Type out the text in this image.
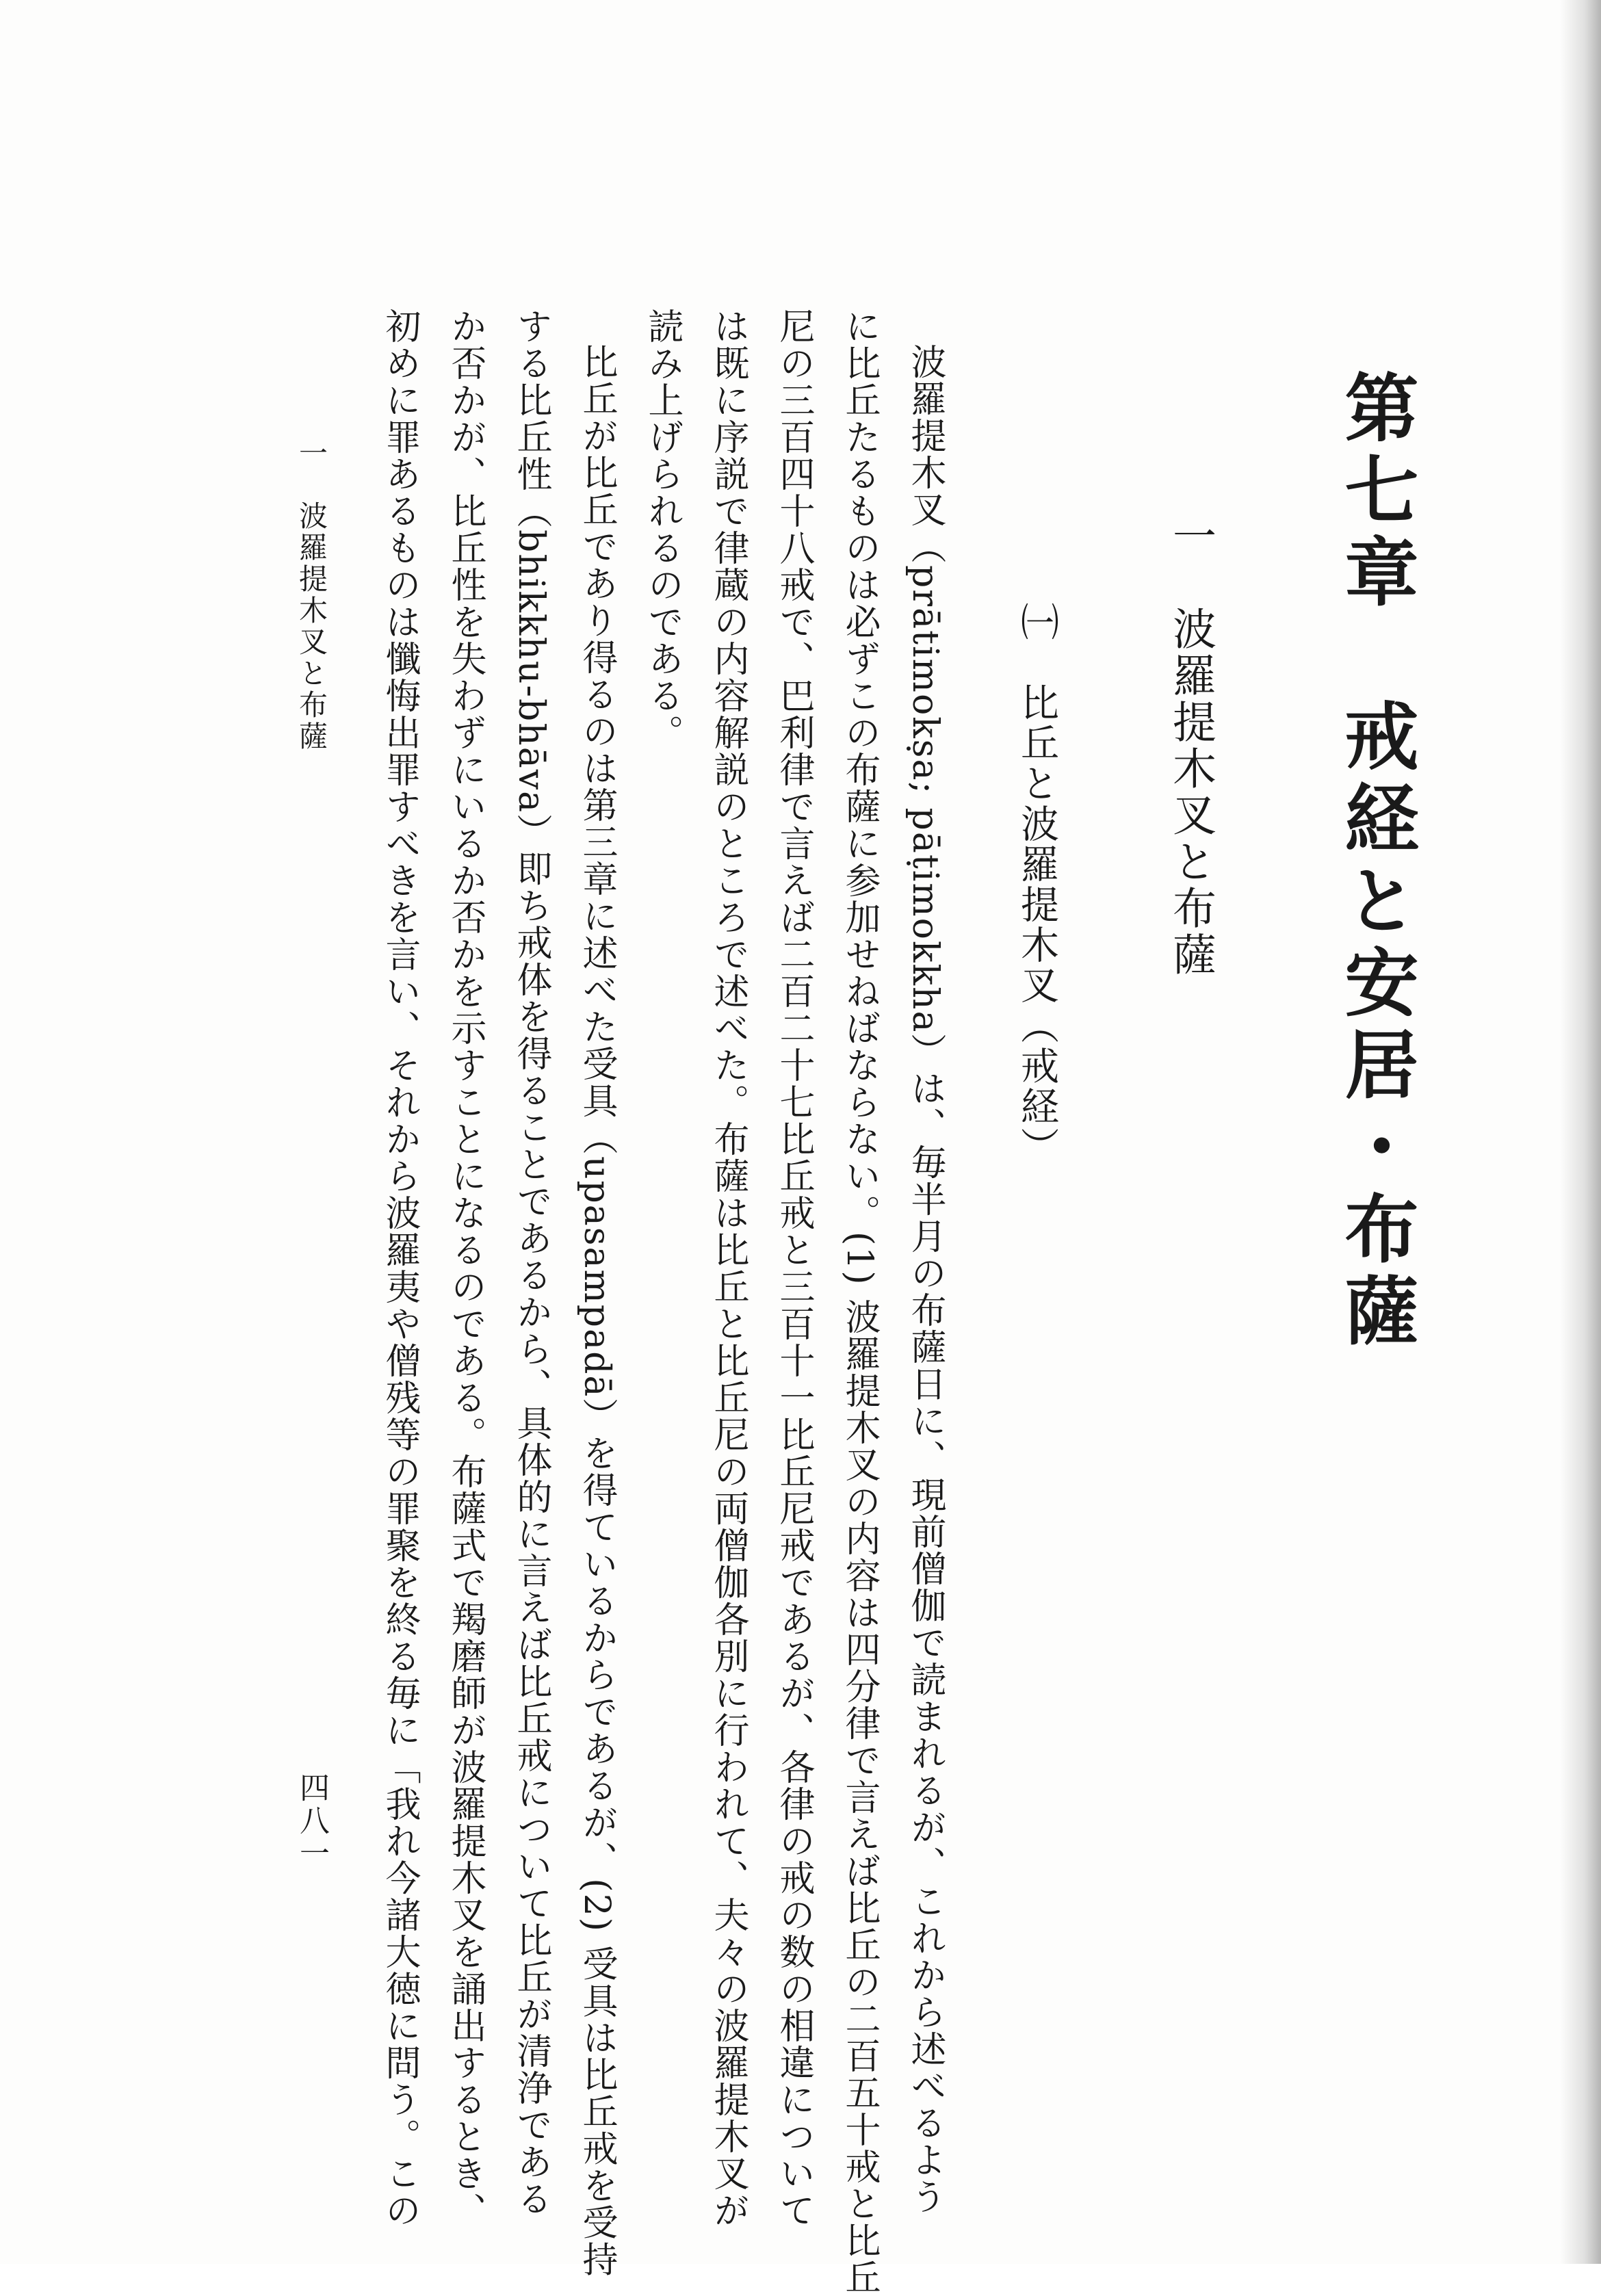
第七章　戒経と安居・布薩
一　波羅提木叉と布薩
㈠　比丘と波羅提木叉（戒経）

波羅提木叉（prātimokṣa; pāṭimokkha）は、毎半月の布薩日に、現前僧伽で読まれるが、これから述べるよう

に比丘たるものは必ずこの布薩に参加せねばならない。(1) 波羅提木叉の内容は四分律で言えば比丘の二百五十戒と比丘

尼の三百四十八戒で、巴利律で言えば二百二十七比丘戒と三百十一比丘尼戒であるが、各律の戒の数の相違について

は既に序説で律蔵の内容解説のところで述べた。布薩は比丘と比丘尼の両僧伽各別に行われて、夫々の波羅提木叉が

読み上げられるのである。

比丘が比丘であり得るのは第三章に述べた受具（upasampadā）を得ているからであるが、(2) 受具は比丘戒を受持

する比丘性（bhikkhu-bhāva）即ち戒体を得ることであるから、具体的に言えば比丘戒について比丘が清浄である

か否かが、比丘性を失わずにいるか否かを示すことになるのである。布薩式で羯磨師が波羅提木叉を誦出するとき、

初めに罪あるものは懺悔出罪すべきを言い、それから波羅夷や僧残等の罪聚を終る毎に「我れ今諸大徳に問う。この

一　波羅提木叉と布薩
四八一
